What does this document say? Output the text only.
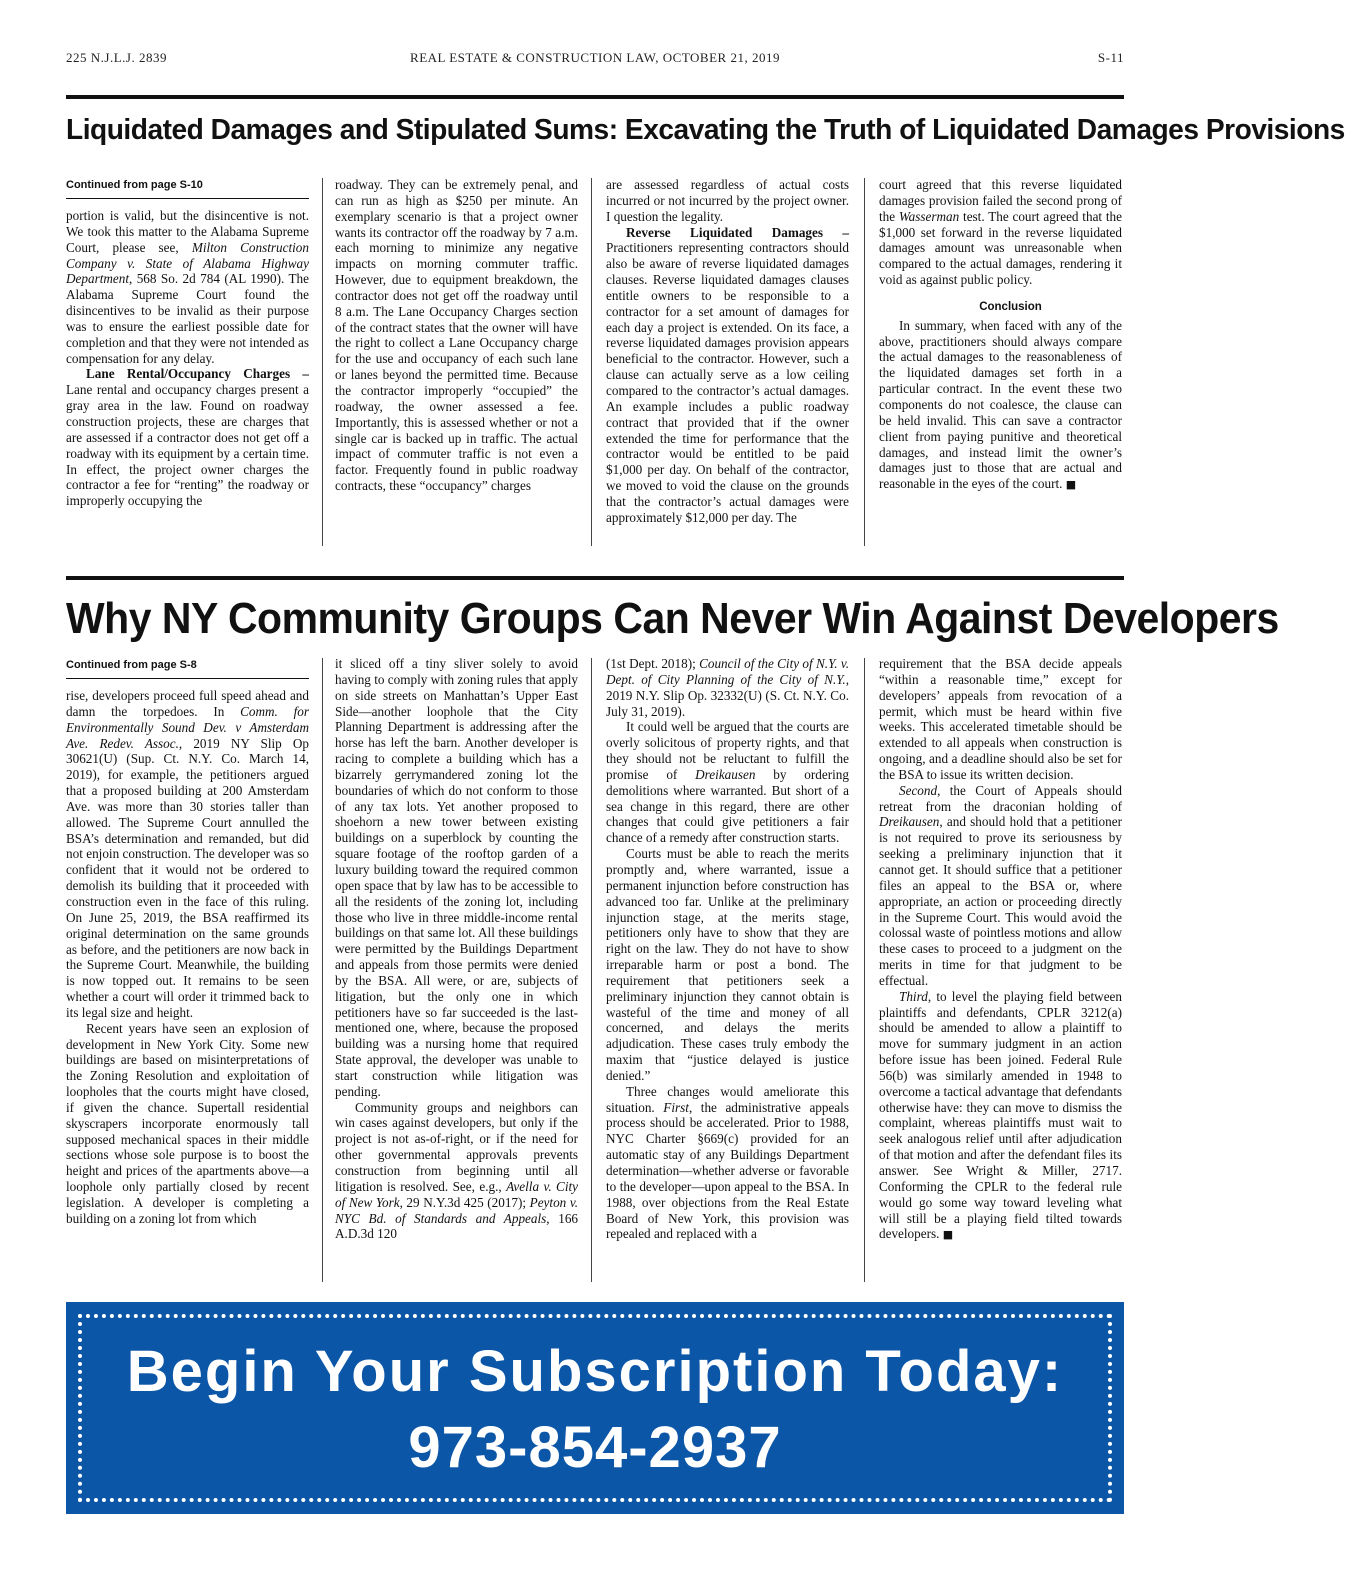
225 N.J.L.J. 2839	REAL ESTATE & CONSTRUCTION LAW, OCTOBER 21, 2019	S-11
Liquidated Damages and Stipulated Sums: Excavating the Truth of Liquidated Damages Provisions
Continued from page S-10

portion is valid, but the disincentive is not. We took this matter to the Alabama Supreme Court, please see, Milton Construction Company v. State of Alabama Highway Department, 568 So. 2d 784 (AL 1990). The Alabama Supreme Court found the disincentives to be invalid as their purpose was to ensure the earliest possible date for completion and that they were not intended as compensation for any delay.

Lane Rental/Occupancy Charges – Lane rental and occupancy charges present a gray area in the law. Found on roadway construction projects, these are charges that are assessed if a contractor does not get off a roadway with its equipment by a certain time. In effect, the project owner charges the contractor a fee for “renting” the roadway or improperly occupying the

roadway. They can be extremely penal, and can run as high as $250 per minute. An exemplary scenario is that a project owner wants its contractor off the roadway by 7 a.m. each morning to minimize any negative impacts on morning commuter traffic. However, due to equipment breakdown, the contractor does not get off the roadway until 8 a.m. The Lane Occupancy Charges section of the contract states that the owner will have the right to collect a Lane Occupancy charge for the use and occupancy of each such lane or lanes beyond the permitted time. Because the contractor improperly “occupied” the roadway, the owner assessed a fee. Importantly, this is assessed whether or not a single car is backed up in traffic. The actual impact of commuter traffic is not even a factor. Frequently found in public roadway contracts, these “occupancy” charges

are assessed regardless of actual costs incurred or not incurred by the project owner. I question the legality.

Reverse Liquidated Damages – Practitioners representing contractors should also be aware of reverse liquidated damages clauses. Reverse liquidated damages clauses entitle owners to be responsible to a contractor for a set amount of damages for each day a project is extended. On its face, a reverse liquidated damages provision appears beneficial to the contractor. However, such a clause can actually serve as a low ceiling compared to the contractor’s actual damages. An example includes a public roadway contract that provided that if the owner extended the time for performance that the contractor would be entitled to be paid $1,000 per day. On behalf of the contractor, we moved to void the clause on the grounds that the contractor’s actual damages were approximately $12,000 per day. The

court agreed that this reverse liquidated damages provision failed the second prong of the Wasserman test. The court agreed that the $1,000 set forward in the reverse liquidated damages amount was unreasonable when compared to the actual damages, rendering it void as against public policy.

Conclusion

In summary, when faced with any of the above, practitioners should always compare the actual damages to the reasonableness of the liquidated damages set forth in a particular contract. In the event these two components do not coalesce, the clause can be held invalid. This can save a contractor client from paying punitive and theoretical damages, and instead limit the owner’s damages just to those that are actual and reasonable in the eyes of the court. ■

Why NY Community Groups Can Never Win Against Developers
Continued from page S-8

rise, developers proceed full speed ahead and damn the torpedoes. In Comm. for Environmentally Sound Dev. v Amsterdam Ave. Redev. Assoc., 2019 NY Slip Op 30621(U) (Sup. Ct. N.Y. Co. March 14, 2019), for example, the petitioners argued that a proposed building at 200 Amsterdam Ave. was more than 30 stories taller than allowed. The Supreme Court annulled the BSA’s determination and remanded, but did not enjoin construction. The developer was so confident that it would not be ordered to demolish its building that it proceeded with construction even in the face of this ruling. On June 25, 2019, the BSA reaffirmed its original determination on the same grounds as before, and the petitioners are now back in the Supreme Court. Meanwhile, the building is now topped out. It remains to be seen whether a court will order it trimmed back to its legal size and height.

Recent years have seen an explosion of development in New York City. Some new buildings are based on misinterpretations of the Zoning Resolution and exploitation of loopholes that the courts might have closed, if given the chance. Supertall residential skyscrapers incorporate enormously tall supposed mechanical spaces in their middle sections whose sole purpose is to boost the height and prices of the apartments above—a loophole only partially closed by recent legislation. A developer is completing a building on a zoning lot from which

it sliced off a tiny sliver solely to avoid having to comply with zoning rules that apply on side streets on Manhattan’s Upper East Side—another loophole that the City Planning Department is addressing after the horse has left the barn. Another developer is racing to complete a building which has a bizarrely gerrymandered zoning lot the boundaries of which do not conform to those of any tax lots. Yet another proposed to shoehorn a new tower between existing buildings on a superblock by counting the square footage of the rooftop garden of a luxury building toward the required common open space that by law has to be accessible to all the residents of the zoning lot, including those who live in three middle-income rental buildings on that same lot. All these buildings were permitted by the Buildings Department and appeals from those permits were denied by the BSA. All were, or are, subjects of litigation, but the only one in which petitioners have so far succeeded is the last-mentioned one, where, because the proposed building was a nursing home that required State approval, the developer was unable to start construction while litigation was pending.

Community groups and neighbors can win cases against developers, but only if the project is not as-of-right, or if the need for other governmental approvals prevents construction from beginning until all litigation is resolved. See, e.g., Avella v. City of New York, 29 N.Y.3d 425 (2017); Peyton v. NYC Bd. of Standards and Appeals, 166 A.D.3d 120

(1st Dept. 2018); Council of the City of N.Y. v. Dept. of City Planning of the City of N.Y., 2019 N.Y. Slip Op. 32332(U) (S. Ct. N.Y. Co. July 31, 2019).

It could well be argued that the courts are overly solicitous of property rights, and that they should not be reluctant to fulfill the promise of Dreikausen by ordering demolitions where warranted. But short of a sea change in this regard, there are other changes that could give petitioners a fair chance of a remedy after construction starts.

Courts must be able to reach the merits promptly and, where warranted, issue a permanent injunction before construction has advanced too far. Unlike at the preliminary injunction stage, at the merits stage, petitioners only have to show that they are right on the law. They do not have to show irreparable harm or post a bond. The requirement that petitioners seek a preliminary injunction they cannot obtain is wasteful of the time and money of all concerned, and delays the merits adjudication. These cases truly embody the maxim that “justice delayed is justice denied.”

Three changes would ameliorate this situation. First, the administrative appeals process should be accelerated. Prior to 1988, NYC Charter §669(c) provided for an automatic stay of any Buildings Department determination—whether adverse or favorable to the developer—upon appeal to the BSA. In 1988, over objections from the Real Estate Board of New York, this provision was repealed and replaced with a

requirement that the BSA decide appeals “within a reasonable time,” except for developers’ appeals from revocation of a permit, which must be heard within five weeks. This accelerated timetable should be extended to all appeals when construction is ongoing, and a deadline should also be set for the BSA to issue its written decision.

Second, the Court of Appeals should retreat from the draconian holding of Dreikausen, and should hold that a petitioner is not required to prove its seriousness by seeking a preliminary injunction that it cannot get. It should suffice that a petitioner files an appeal to the BSA or, where appropriate, an action or proceeding directly in the Supreme Court. This would avoid the colossal waste of pointless motions and allow these cases to proceed to a judgment on the merits in time for that judgment to be effectual.

Third, to level the playing field between plaintiffs and defendants, CPLR 3212(a) should be amended to allow a plaintiff to move for summary judgment in an action before issue has been joined. Federal Rule 56(b) was similarly amended in 1948 to overcome a tactical advantage that defendants otherwise have: they can move to dismiss the complaint, whereas plaintiffs must wait to seek analogous relief until after adjudication of that motion and after the defendant files its answer. See Wright & Miller, 2717. Conforming the CPLR to the federal rule would go some way toward leveling what will still be a playing field tilted towards developers. ■

Begin Your Subscription Today:
973-854-2937
